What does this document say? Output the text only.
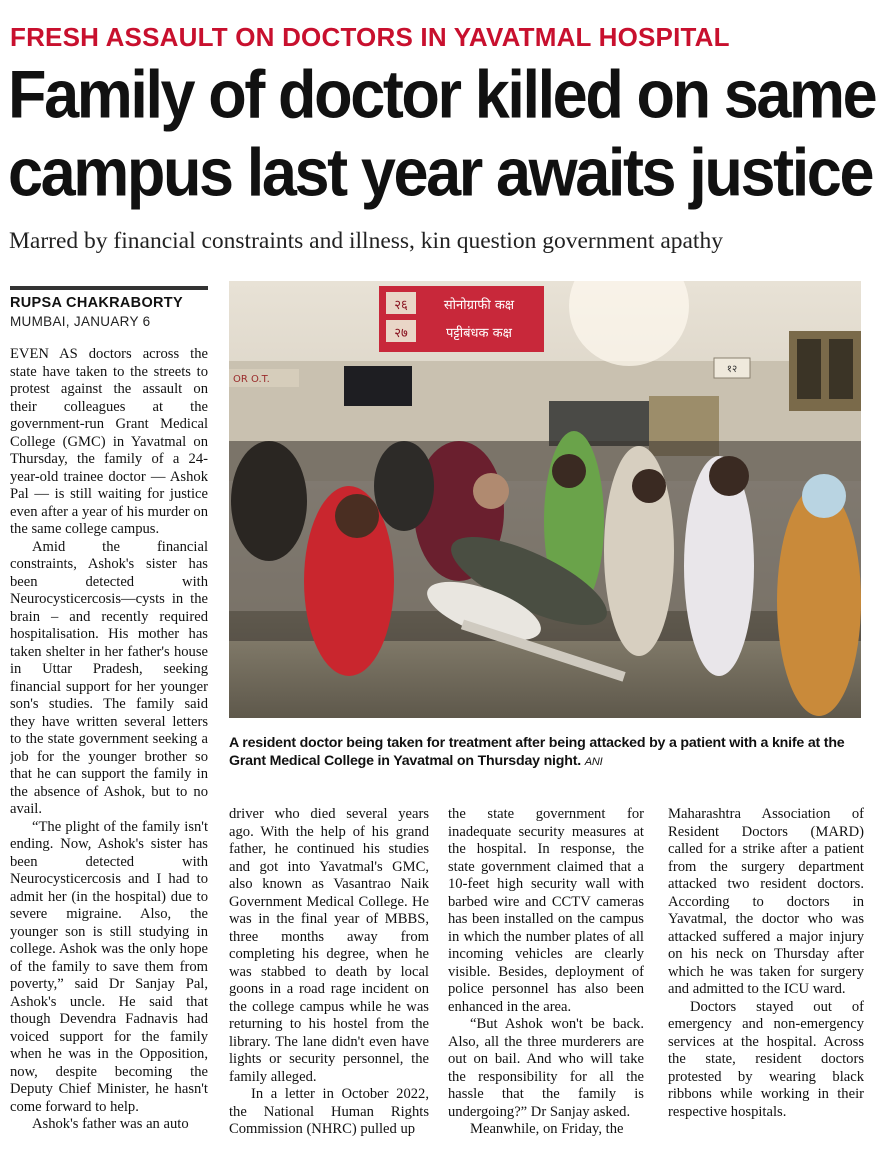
FRESH ASSAULT ON DOCTORS IN YAVATMAL HOSPITAL
Family of doctor killed on same
campus last year awaits justice
Marred by financial constraints and illness, kin question government apathy
RUPSA CHAKRABORTY
MUMBAI, JANUARY 6

EVEN AS doctors across the state have taken to the streets to protest against the assault on their colleagues at the government-run Grant Medical College (GMC) in Yavatmal on Thursday, the family of a 24-year-old trainee doctor — Ashok Pal — is still waiting for justice even after a year of his murder on the same college campus.

Amid the financial constraints, Ashok's sister has been detected with Neurocysticercosis—cysts in the brain – and recently required hospitalisation. His mother has taken shelter in her father's house in Uttar Pradesh, seeking financial support for her younger son's studies. The family said they have written several letters to the state government seeking a job for the younger brother so that he can support the family in the absence of Ashok, but to no avail.

“The plight of the family isn't ending. Now, Ashok's sister has been detected with Neurocysticercosis and I had to admit her (in the hospital) due to severe migraine. Also, the younger son is still studying in college. Ashok was the only hope of the family to save them from poverty,” said Dr Sanjay Pal, Ashok's uncle. He said that though Devendra Fadnavis had voiced support for the family when he was in the Opposition, now, despite becoming the Deputy Chief Minister, he hasn't come forward to help.

Ashok's father was an auto

२६
२७
सोनोग्राफी कक्ष
पट्टीबंधक कक्ष
OR O.T.
१२
A resident doctor being taken for treatment after being attacked by a patient with a knife at the Grant Medical College in Yavatmal on Thursday night. ANI

driver who died several years ago. With the help of his grand father, he continued his studies and got into Yavatmal's GMC, also known as Vasantrao Naik Government Medical College. He was in the final year of MBBS, three months away from completing his degree, when he was stabbed to death by local goons in a road rage incident on the college campus while he was returning to his hostel from the library. The lane didn't even have lights or security personnel, the family alleged.

In a letter in October 2022, the National Human Rights Commission (NHRC) pulled up

the state government for inadequate security measures at the hospital. In response, the state government claimed that a 10-feet high security wall with barbed wire and CCTV cameras has been installed on the campus in which the number plates of all incoming vehicles are clearly visible. Besides, deployment of police personnel has also been enhanced in the area.

“But Ashok won't be back. Also, all the three murderers are out on bail. And who will take the responsibility for all the hassle that the family is undergoing?” Dr Sanjay asked.

Meanwhile, on Friday, the

Maharashtra Association of Resident Doctors (MARD) called for a strike after a patient from the surgery department attacked two resident doctors. According to doctors in Yavatmal, the doctor who was attacked suffered a major injury on his neck on Thursday after which he was taken for surgery and admitted to the ICU ward.

Doctors stayed out of emergency and non-emergency services at the hospital. Across the state, resident doctors protested by wearing black ribbons while working in their respective hospitals.
